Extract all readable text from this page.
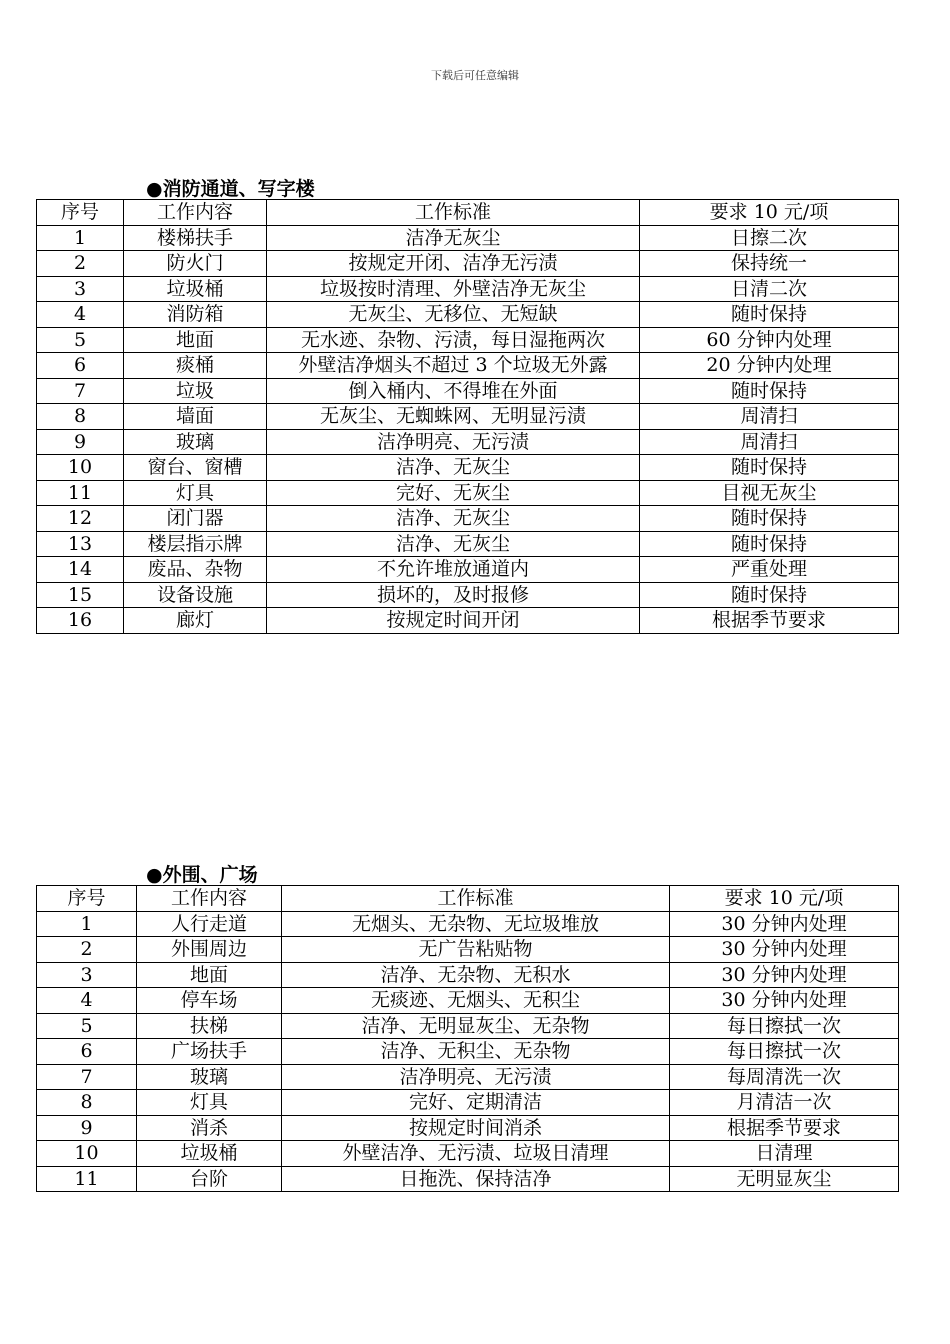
下载后可任意编辑
●消防通道、写字楼
序号	工作内容	工作标准	要求 10 元/项
1	楼梯扶手	洁净无灰尘	日擦二次
2	防火门	按规定开闭、洁净无污渍	保持统一
3	垃圾桶	垃圾按时清理、外壁洁净无灰尘	日清二次
4	消防箱	无灰尘、无移位、无短缺	随时保持
5	地面	无水迹、杂物、污渍，每日湿拖两次	60 分钟内处理
6	痰桶	外壁洁净烟头不超过 3 个垃圾无外露	20 分钟内处理
7	垃圾	倒入桶内、不得堆在外面	随时保持
8	墙面	无灰尘、无蜘蛛网、无明显污渍	周清扫
9	玻璃	洁净明亮、无污渍	周清扫
10	窗台、窗槽	洁净、无灰尘	随时保持
11	灯具	完好、无灰尘	目视无灰尘
12	闭门器	洁净、无灰尘	随时保持
13	楼层指示牌	洁净、无灰尘	随时保持
14	废品、杂物	不允许堆放通道内	严重处理
15	设备设施	损坏的，及时报修	随时保持
16	廊灯	按规定时间开闭	根据季节要求
●外围、广场
序号	工作内容	工作标准	要求 10 元/项
1	人行走道	无烟头、无杂物、无垃圾堆放	30 分钟内处理
2	外围周边	无广告粘贴物	30 分钟内处理
3	地面	洁净、无杂物、无积水	30 分钟内处理
4	停车场	无痰迹、无烟头、无积尘	30 分钟内处理
5	扶梯	洁净、无明显灰尘、无杂物	每日擦拭一次
6	广场扶手	洁净、无积尘、无杂物	每日擦拭一次
7	玻璃	洁净明亮、无污渍	每周清洗一次
8	灯具	完好、定期清洁	月清洁一次
9	消杀	按规定时间消杀	根据季节要求
10	垃圾桶	外壁洁净、无污渍、垃圾日清理	日清理
11	台阶	日拖洗、保持洁净	无明显灰尘
